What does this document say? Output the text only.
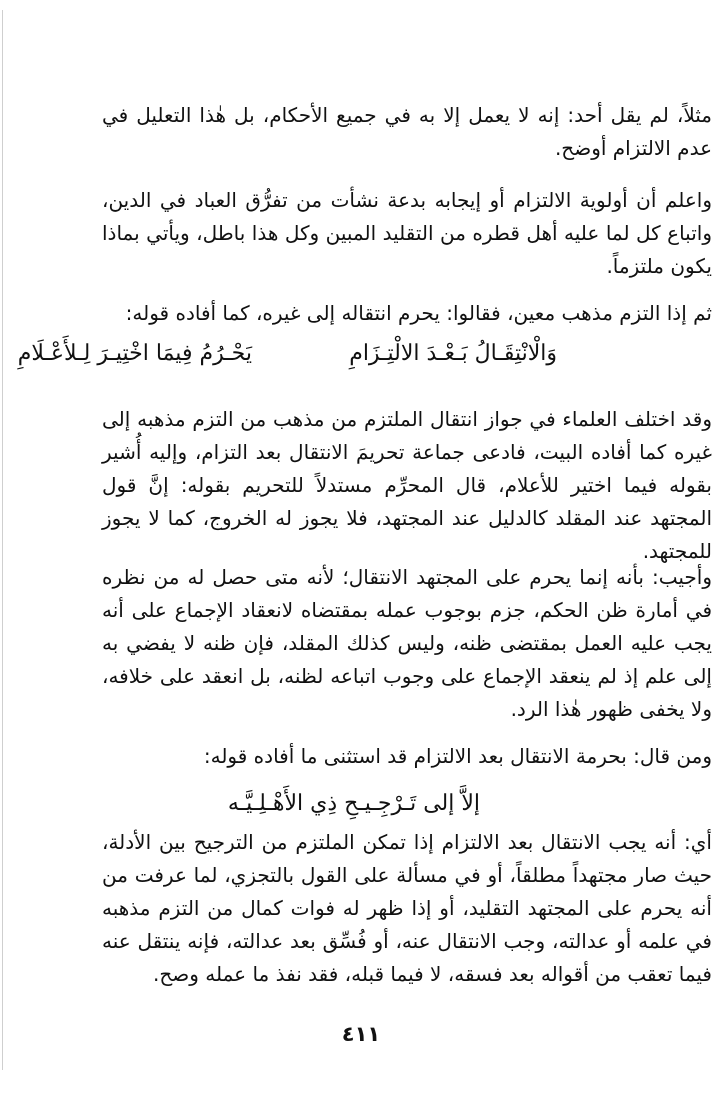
مثلاً، لم يقل أحد: إنه لا يعمل إلا به في جميع الأحكام، بل هٰذا التعليل في عدم الالتزام أوضح.

واعلم أن أولوية الالتزام أو إيجابه بدعة نشأت من تفرُّق العباد في الدين، واتباع كل لما عليه أهل قطره من التقليد المبين وكل هذا باطل، ويأتي بماذا يكون ملتزماً.

ثم إذا التزم مذهب معين، فقالوا: يحرم انتقاله إلى غيره، كما أفاده قوله:

وَالْانْتِقَـالُ بَـعْـدَ الالْتِـزَامِ

يَحْـرُمُ فِيمَا اخْتِيـرَ لِـلأَعْـلَامِ

وقد اختلف العلماء في جواز انتقال الملتزم من مذهب من التزم مذهبه إلى غيره كما أفاده البيت، فادعى جماعة تحريمَ الانتقال بعد التزام، وإليه أُشير بقوله فيما اختير للأعلام، قال المحرِّم مستدلاً للتحريم بقوله: إنَّ قول المجتهد عند المقلد كالدليل عند المجتهد، فلا يجوز له الخروج، كما لا يجوز للمجتهد.

وأجيب: بأنه إنما يحرم على المجتهد الانتقال؛ لأنه متى حصل له من نظره في أمارة ظن الحكم، جزم بوجوب عمله بمقتضاه لانعقاد الإجماع على أنه يجب عليه العمل بمقتضى ظنه، وليس كذلك المقلد، فإن ظنه لا يفضي به إلى علم إذ لم ينعقد الإجماع على وجوب اتباعه لظنه، بل انعقد على خلافه، ولا يخفى ظهور هٰذا الرد.

ومن قال: بحرمة الانتقال بعد الالتزام قد استثنى ما أفاده قوله:

إلاَّ إلى تَـرْجِـيـحِ ذِي الأَهْـلِـيَّـه

أي: أنه يجب الانتقال بعد الالتزام إذا تمكن الملتزم من الترجيح بين الأدلة، حيث صار مجتهداً مطلقاً، أو في مسألة على القول بالتجزي، لما عرفت من أنه يحرم على المجتهد التقليد، أو إذا ظهر له فوات كمال من التزم مذهبه في علمه أو عدالته، وجب الانتقال عنه، أو فُسِّق بعد عدالته، فإنه ينتقل عنه فيما تعقب من أقواله بعد فسقه، لا فيما قبله، فقد نفذ ما عمله وصح.

٤١١
